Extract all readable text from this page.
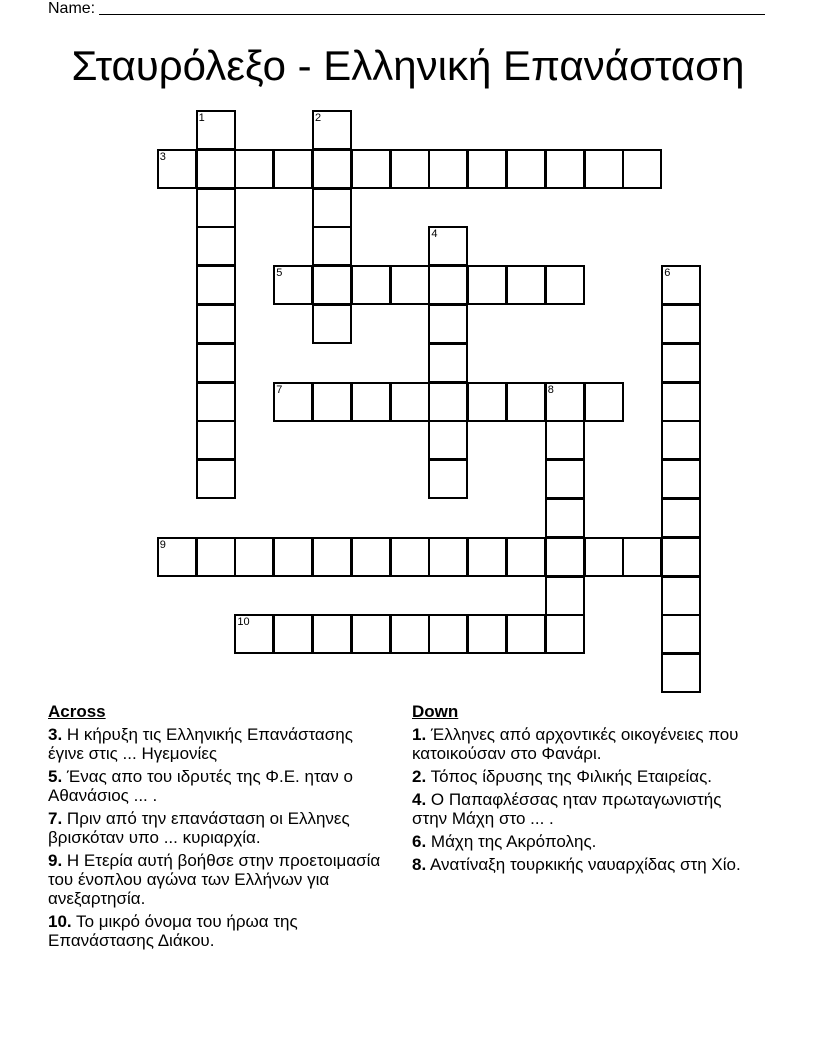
Name:
Σταυρόλεξο - Ελληνική Επανάσταση
3
5
7	8
9
10
1	2
4
6
Across
3. Η κήρυξη τις Ελληνικής Επανάστασης έγινε στις ... Ηγεμονίες
5. Ένας απο του ιδρυτές της Φ.Ε. ηταν ο Αθανάσιος ... .
7. Πριν από την επανάσταση οι Ελληνες βρισκόταν υπο ... κυριαρχία.
9. Η Ετερία αυτή βοήθσε στην προετοιμασία του ένοπλου αγώνα των Ελλήνων για ανεξαρτησία.
10. Το μικρό όνομα του ήρωα της Επανάστασης Διάκου.
Down
1. Έλληνες από αρχοντικές οικογένειες που κατοικούσαν στο Φανάρι.
2. Τόπος ίδρυσης της Φιλικής Εταιρείας.
4. Ο Παπαφλέσσας ηταν πρωταγωνιστής στην Μάχη στο ... .
6. Μάχη της Ακρόπολης.
8. Ανατίναξη τουρκικής ναυαρχίδας στη Χίο.
